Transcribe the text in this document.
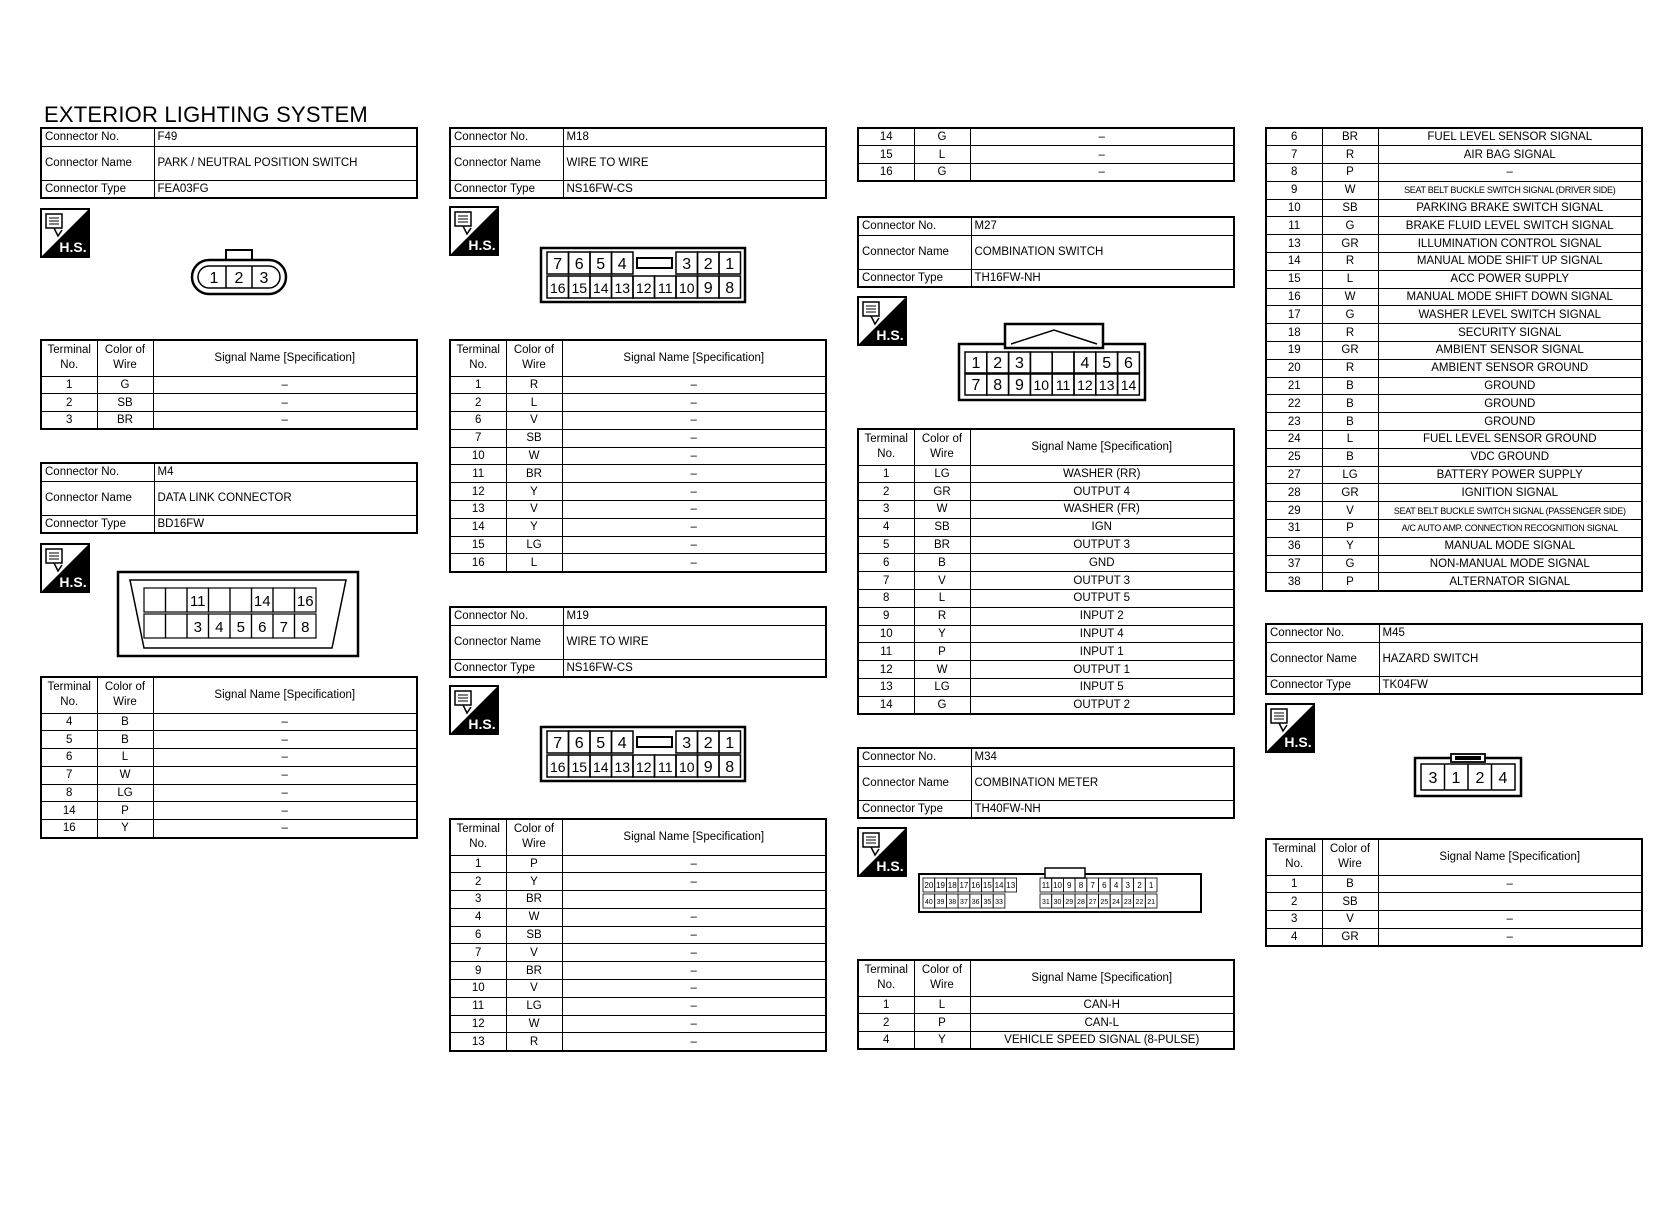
EXTERIOR LIGHTING SYSTEM
Connector No.	F49
Connector Name	PARK / NEUTRAL POSITION SWITCH
Connector Type	FEA03FG
H.S.
1 2 3
Terminal No.	Color of Wire	Signal Name [Specification]
1	G	–
2	SB	–
3	BR	–
Connector No.	M4
Connector Name	DATA LINK CONNECTOR
Connector Type	BD16FW
H.S.
11	14 16
3 4 5 6 7 8
Terminal No.	Color of Wire	Signal Name [Specification]
4	B	–
5	B	–
6	L	–
7	W	–
8	LG	–
14	P	–
16	Y	–
Connector No.	M18
Connector Name	WIRE TO WIRE
Connector Type	NS16FW-CS
H.S.
7 6 5 4	3 2 1
16 15 14 13 12 11 10 9 8
Terminal No.	Color of Wire	Signal Name [Specification]
1	R	–
2	L	–
6	V	–
7	SB	–
10	W	–
11	BR	–
12	Y	–
13	V	–
14	Y	–
15	LG	–
16	L	–
Connector No.	M19
Connector Name	WIRE TO WIRE
Connector Type	NS16FW-CS
H.S.
7 6 5 4	3 2 1
16 15 14 13 12 11 10 9 8
Terminal No.	Color of Wire	Signal Name [Specification]
1	P	–
2	Y	–
3	BR	
4	W	–
6	SB	–
7	V	–
9	BR	–
10	V	–
11	LG	–
12	W	–
13	R	–
14	G	–
15	L	–
16	G	–
Connector No.	M27
Connector Name	COMBINATION SWITCH
Connector Type	TH16FW-NH
H.S.
1 2 3	4 5 6
7 8 9 10 11 12 13 14
Terminal No.	Color of Wire	Signal Name [Specification]
1	LG	WASHER (RR)
2	GR	OUTPUT 4
3	W	WASHER (FR)
4	SB	IGN
5	BR	OUTPUT 3
6	B	GND
7	V	OUTPUT 3
8	L	OUTPUT 5
9	R	INPUT 2
10	Y	INPUT 4
11	P	INPUT 1
12	W	OUTPUT 1
13	LG	INPUT 5
14	G	OUTPUT 2
Connector No.	M34
Connector Name	COMBINATION METER
Connector Type	TH40FW-NH
H.S.
20 19 18 17 16 15 14 13	11 10 9 8 7 6 4 3 2 1
40 39 38 37 36 35 33	31 30 29 28 27 25 24 23 22 21
Terminal No.	Color of Wire	Signal Name [Specification]
1	L	CAN-H
2	P	CAN-L
4	Y	VEHICLE SPEED SIGNAL (8-PULSE)
6	BR	FUEL LEVEL SENSOR SIGNAL
7	R	AIR BAG SIGNAL
8	P	–
9	W	SEAT BELT BUCKLE SWITCH SIGNAL (DRIVER SIDE)
10	SB	PARKING BRAKE SWITCH SIGNAL
11	G	BRAKE FLUID LEVEL SWITCH SIGNAL
13	GR	ILLUMINATION CONTROL SIGNAL
14	R	MANUAL MODE SHIFT UP SIGNAL
15	L	ACC POWER SUPPLY
16	W	MANUAL MODE SHIFT DOWN SIGNAL
17	G	WASHER LEVEL SWITCH SIGNAL
18	R	SECURITY SIGNAL
19	GR	AMBIENT SENSOR SIGNAL
20	R	AMBIENT SENSOR GROUND
21	B	GROUND
22	B	GROUND
23	B	GROUND
24	L	FUEL LEVEL SENSOR GROUND
25	B	VDC GROUND
27	LG	BATTERY POWER SUPPLY
28	GR	IGNITION SIGNAL
29	V	SEAT BELT BUCKLE SWITCH SIGNAL (PASSENGER SIDE)
31	P	A/C AUTO AMP. CONNECTION RECOGNITION SIGNAL
36	Y	MANUAL MODE SIGNAL
37	G	NON-MANUAL MODE SIGNAL
38	P	ALTERNATOR SIGNAL
Connector No.	M45
Connector Name	HAZARD SWITCH
Connector Type	TK04FW
H.S.
3 1 2 4
Terminal No.	Color of Wire	Signal Name [Specification]
1	B	–
2	SB	
3	V	–
4	GR	–
